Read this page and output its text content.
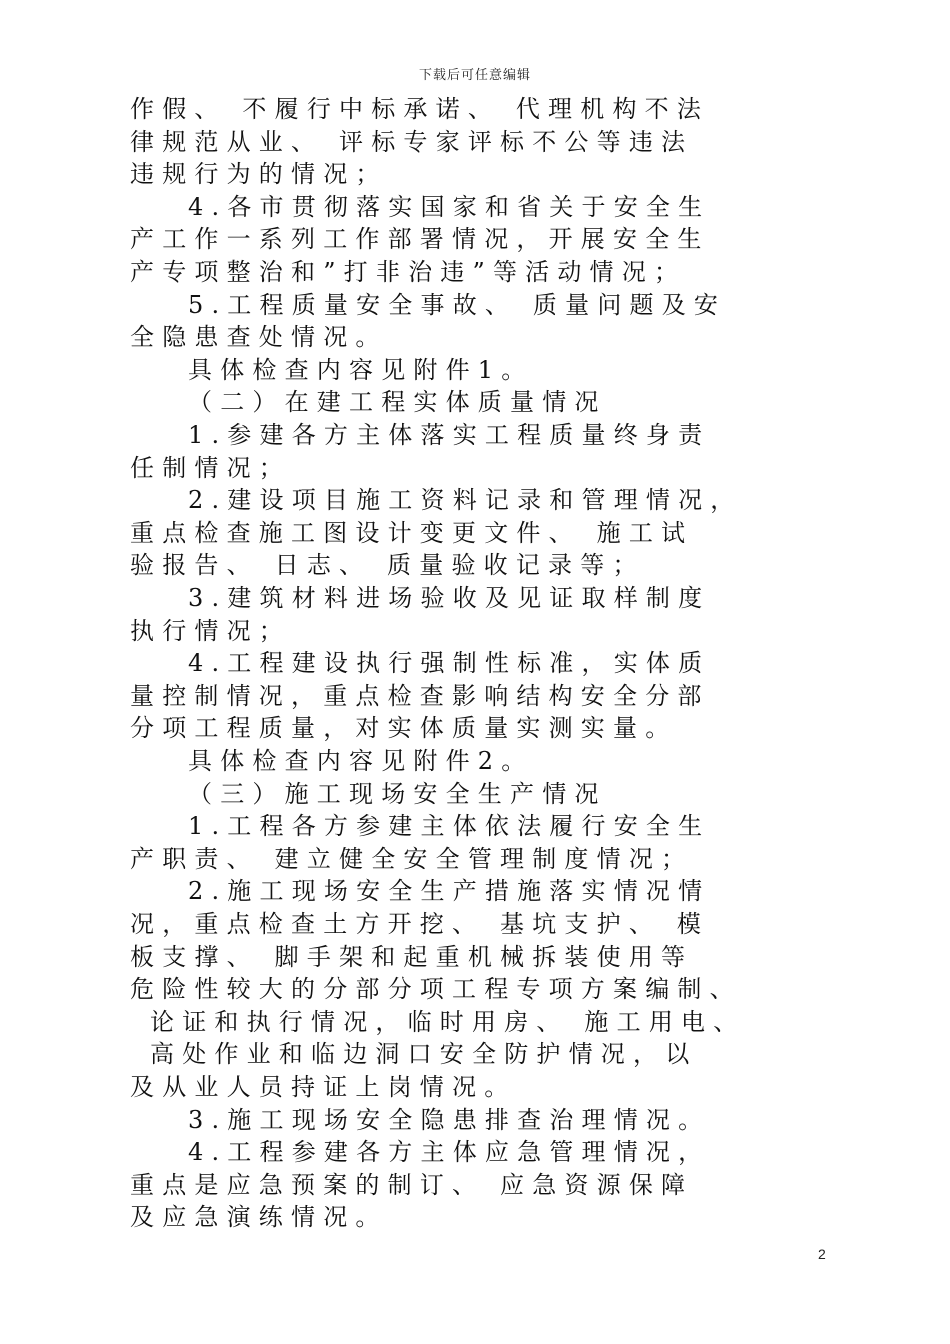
下载后可任意编辑
作假、 不履行中标承诺、 代理机构不法
律规范从业、 评标专家评标不公等违法
违规行为的情况；
4.各市贯彻落实国家和省关于安全生
产工作一系列工作部署情况，开展安全生
产专项整治和”打非治违”等活动情况；
5.工程质量安全事故、 质量问题及安
全隐患查处情况。
具体检查内容见附件1。
（二）在建工程实体质量情况
1.参建各方主体落实工程质量终身责
任制情况；
2.建设项目施工资料记录和管理情况，
重点检查施工图设计变更文件、 施工试
验报告、 日志、 质量验收记录等；
3.建筑材料进场验收及见证取样制度
执行情况；
4.工程建设执行强制性标准，实体质
量控制情况，重点检查影响结构安全分部
分项工程质量，对实体质量实测实量。
具体检查内容见附件2。
（三）施工现场安全生产情况
1.工程各方参建主体依法履行安全生
产职责、 建立健全安全管理制度情况；
2.施工现场安全生产措施落实情况情
况，重点检查土方开挖、 基坑支护、 模
板支撑、 脚手架和起重机械拆装使用等
危险性较大的分部分项工程专项方案编制、
论证和执行情况，临时用房、 施工用电、
高处作业和临边洞口安全防护情况，以
及从业人员持证上岗情况。
3.施工现场安全隐患排查治理情况。
4.工程参建各方主体应急管理情况，
重点是应急预案的制订、 应急资源保障
及应急演练情况。
2
